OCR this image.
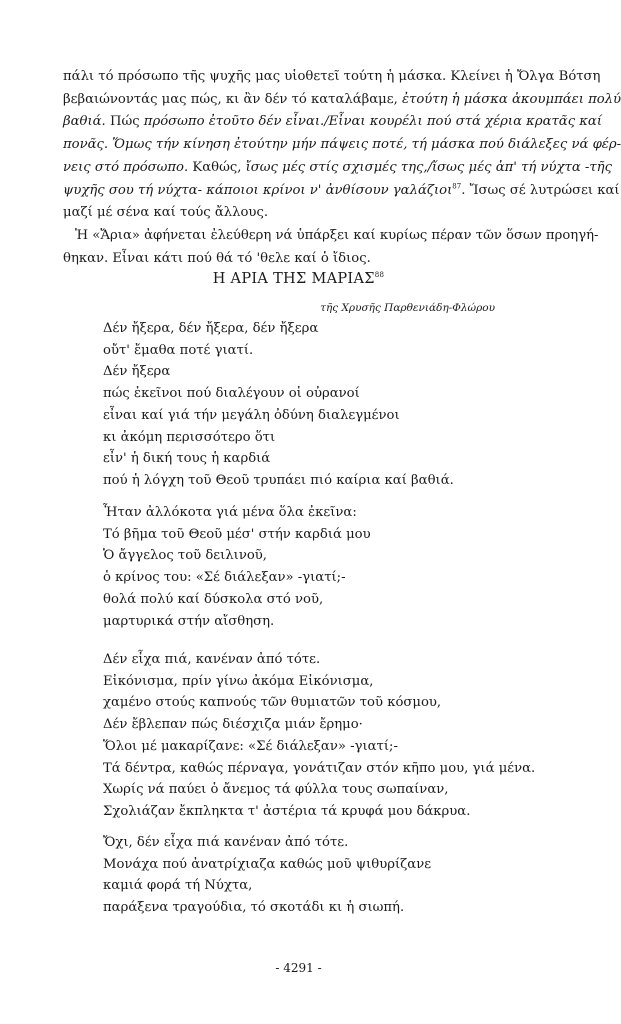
πάλι τό πρόσωπο τῆς ψυχῆς μας υἱοθετεῖ τούτη ἡ μάσκα. Κλείνει ἡ Ὄλγα Βότση
βεβαιώνοντάς μας πώς, κι ἂν δέν τό καταλάβαμε, ἐτούτη ἡ μάσκα ἀκουμπάει πολύ
βαθιά. Πώς πρόσωπο ἐτοῦτο δέν εἶναι./Εἶναι κουρέλι πού στά χέρια κρατᾶς καί
πονᾶς. Ὅμως τήν κίνηση ἐτούτην μήν πάψεις ποτέ, τή μάσκα πού διάλεξες νά φέρ-
νεις στό πρόσωπο. Καθώς, ἴσως μές στίς σχισμές της,/ἴσως μές ἀπ' τή νύχτα -τῆς
ψυχῆς σου τή νύχτα- κάποιοι κρίνοι ν' ἀνθίσουν γαλάζιοι$^{87}$. Ἴσως σέ λυτρώσει καί
μαζί μέ σένα καί τούς ἄλλους.
Ἡ «Ἄρια» ἀφήνεται ἐλεύθερη νά ὑπάρξει καί κυρίως πέραν τῶν ὅσων προηγή-
θηκαν. Εἶναι κάτι πού θά τό 'θελε καί ὁ ἴδιος.
Η ΑΡΙΑ ΤΗΣ ΜΑΡΙΑΣ$^{88}$
τῆς Χρυσῆς Παρθενιάδη-Φλώρου
Δέν ἤξερα, δέν ἤξερα, δέν ἤξερα
οὔτ' ἔμαθα ποτέ γιατί.
Δέν ἤξερα
πώς ἐκεῖνοι πού διαλέγουν οἱ οὐρανοί
εἶναι καί γιά τήν μεγάλη ὀδύνη διαλεγμένοι
κι ἀκόμη περισσότερο ὅτι
εἶν' ἡ δική τους ἡ καρδιά
πού ἡ λόγχη τοῦ Θεοῦ τρυπάει πιό καίρια καί βαθιά.
Ἦταν ἀλλόκοτα γιά μένα ὅλα ἐκεῖνα:
Τό βῆμα τοῦ Θεοῦ μέσ' στήν καρδιά μου
Ὁ ἄγγελος τοῦ δειλινοῦ,
ὁ κρίνος του: «Σέ διάλεξαν» -γιατί;-
θολά πολύ καί δύσκολα στό νοῦ,
μαρτυρικά στήν αἴσθηση.
Δέν εἶχα πιά, κανέναν ἀπό τότε.
Εἰκόνισμα, πρίν γίνω ἀκόμα Εἰκόνισμα,
χαμένο στούς καπνούς τῶν θυμιατῶν τοῦ κόσμου,
Δέν ἔβλεπαν πώς διέσχιζα μιάν ἔρημο·
Ὅλοι μέ μακαρίζανε: «Σέ διάλεξαν» -γιατί;-
Τά δέντρα, καθώς πέρναγα, γονάτιζαν στόν κῆπο μου, γιά μένα.
Χωρίς νά παύει ὁ ἄνεμος τά φύλλα τους σωπαίναν,
Σχολιάζαν ἔκπληκτα τ' ἀστέρια τά κρυφά μου δάκρυα.
Ὄχι, δέν εἶχα πιά κανέναν ἀπό τότε.
Μονάχα πού ἀνατρίχιαζα καθώς μοῦ ψιθυρίζανε
καμιά φορά τή Νύχτα,
παράξενα τραγούδια, τό σκοτάδι κι ἡ σιωπή.
- 4291 -
